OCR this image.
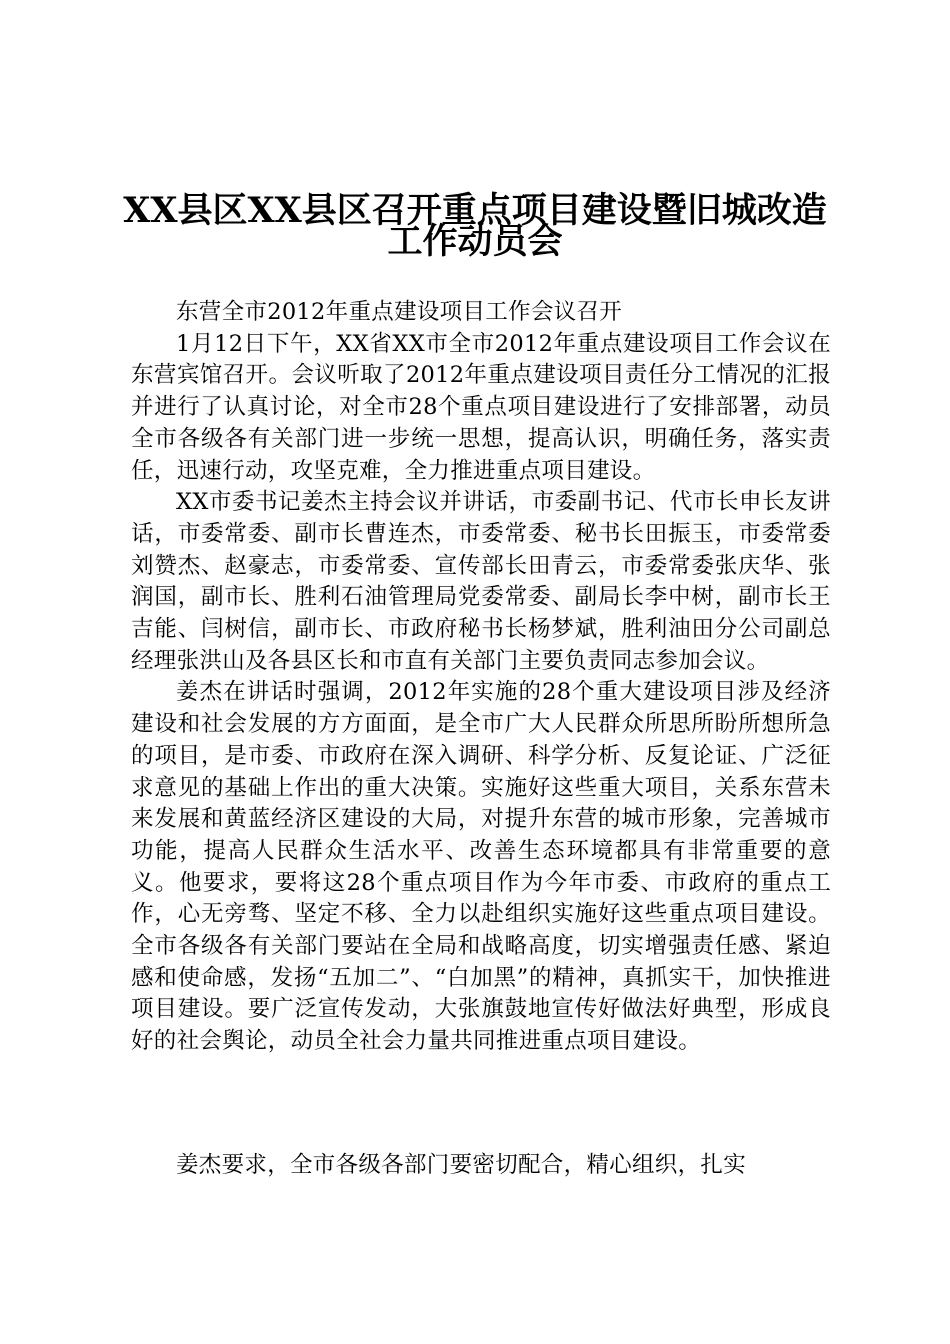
XX县区XX县区召开重点项目建设暨旧城改造
工作动员会

东营全市2012年重点建设项目工作会议召开

1月12日下午，XX省XX市全市2012年重点建设项目工作会议在东营宾馆召开。会议听取了2012年重点建设项目责任分工情况的汇报并进行了认真讨论，对全市28个重点项目建设进行了安排部署，动员全市各级各有关部门进一步统一思想，提高认识，明确任务，落实责任，迅速行动，攻坚克难，全力推进重点项目建设。

XX市委书记姜杰主持会议并讲话，市委副书记、代市长申长友讲话，市委常委、副市长曹连杰，市委常委、秘书长田振玉，市委常委刘赞杰、赵豪志，市委常委、宣传部长田青云，市委常委张庆华、张润国，副市长、胜利石油管理局党委常委、副局长李中树，副市长王吉能、闫树信，副市长、市政府秘书长杨梦斌，胜利油田分公司副总经理张洪山及各县区长和市直有关部门主要负责同志参加会议。

姜杰在讲话时强调，2012年实施的28个重大建设项目涉及经济建设和社会发展的方方面面，是全市广大人民群众所思所盼所想所急的项目，是市委、市政府在深入调研、科学分析、反复论证、广泛征求意见的基础上作出的重大决策。实施好这些重大项目，关系东营未来发展和黄蓝经济区建设的大局，对提升东营的城市形象，完善城市功能，提高人民群众生活水平、改善生态环境都具有非常重要的意义。他要求，要将这28个重点项目作为今年市委、市政府的重点工作，心无旁骛、坚定不移、全力以赴组织实施好这些重点项目建设。全市各级各有关部门要站在全局和战略高度，切实增强责任感、紧迫感和使命感，发扬“五加二”、“白加黑”的精神，真抓实干，加快推进项目建设。要广泛宣传发动，大张旗鼓地宣传好做法好典型，形成良好的社会舆论，动员全社会力量共同推进重点项目建设。

姜杰要求，全市各级各部门要密切配合，精心组织，扎实
